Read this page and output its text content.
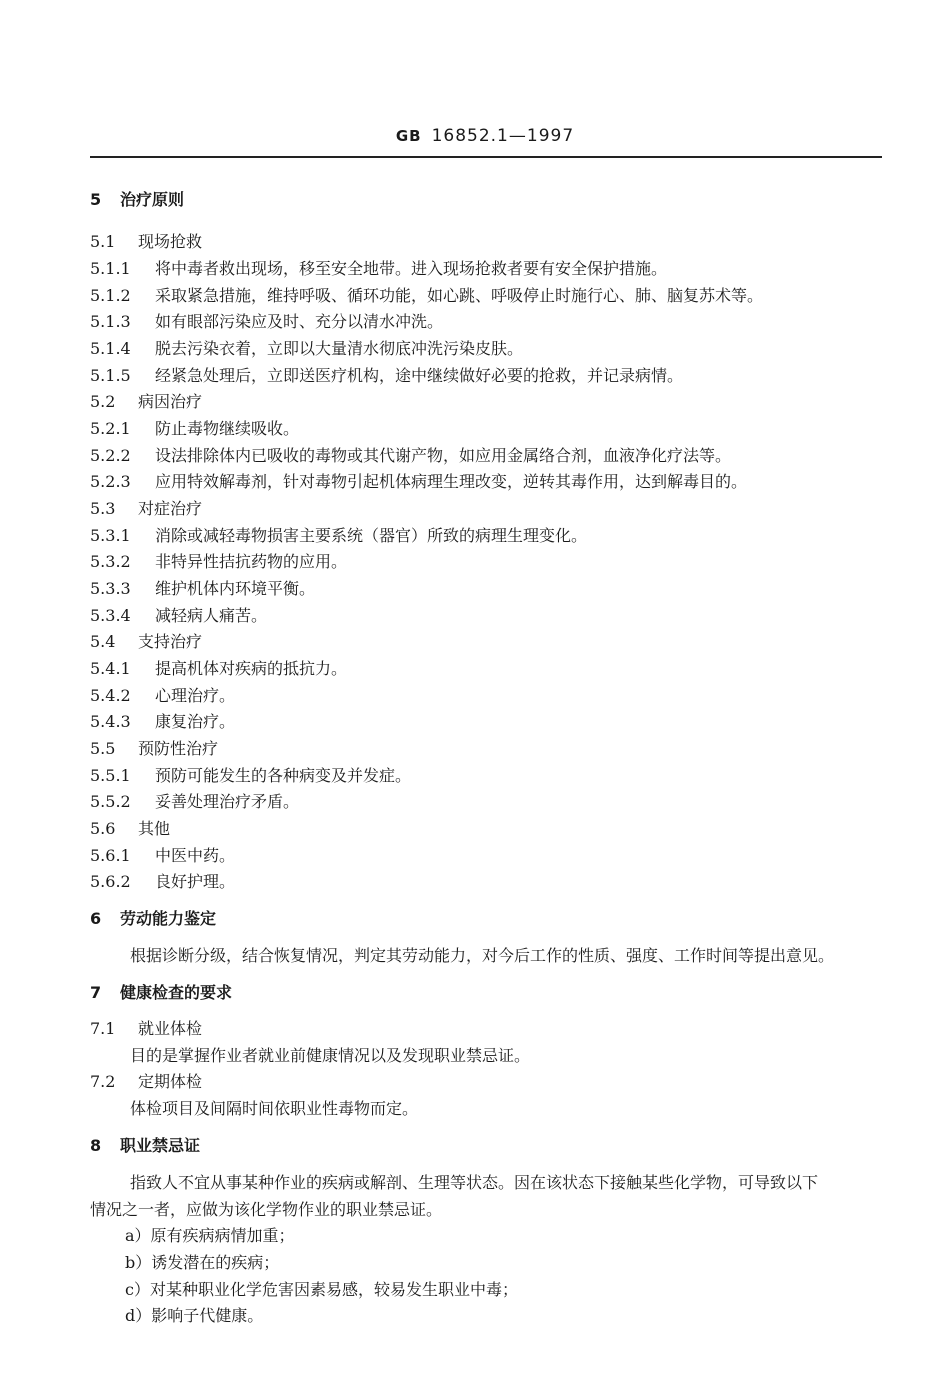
GB 16852.1—1997
5 治疗原则
5.1 现场抢救
5.1.1 将中毒者救出现场，移至安全地带。进入现场抢救者要有安全保护措施。
5.1.2 采取紧急措施，维持呼吸、循环功能，如心跳、呼吸停止时施行心、肺、脑复苏术等。
5.1.3 如有眼部污染应及时、充分以清水冲洗。
5.1.4 脱去污染衣着，立即以大量清水彻底冲洗污染皮肤。
5.1.5 经紧急处理后，立即送医疗机构，途中继续做好必要的抢救，并记录病情。
5.2 病因治疗
5.2.1 防止毒物继续吸收。
5.2.2 设法排除体内已吸收的毒物或其代谢产物，如应用金属络合剂，血液净化疗法等。
5.2.3 应用特效解毒剂，针对毒物引起机体病理生理改变，逆转其毒作用，达到解毒目的。
5.3 对症治疗
5.3.1 消除或减轻毒物损害主要系统（器官）所致的病理生理变化。
5.3.2 非特异性拮抗药物的应用。
5.3.3 维护机体内环境平衡。
5.3.4 减轻病人痛苦。
5.4 支持治疗
5.4.1 提高机体对疾病的抵抗力。
5.4.2 心理治疗。
5.4.3 康复治疗。
5.5 预防性治疗
5.5.1 预防可能发生的各种病变及并发症。
5.5.2 妥善处理治疗矛盾。
5.6 其他
5.6.1 中医中药。
5.6.2 良好护理。
6 劳动能力鉴定
根据诊断分级，结合恢复情况，判定其劳动能力，对今后工作的性质、强度、工作时间等提出意见。
7 健康检查的要求
7.1 就业体检
目的是掌握作业者就业前健康情况以及发现职业禁忌证。
7.2 定期体检
体检项目及间隔时间依职业性毒物而定。
8 职业禁忌证
指致人不宜从事某种作业的疾病或解剖、生理等状态。因在该状态下接触某些化学物，可导致以下
情况之一者，应做为该化学物作业的职业禁忌证。
a）原有疾病病情加重；
b）诱发潜在的疾病；
c）对某种职业化学危害因素易感，较易发生职业中毒；
d）影响子代健康。
